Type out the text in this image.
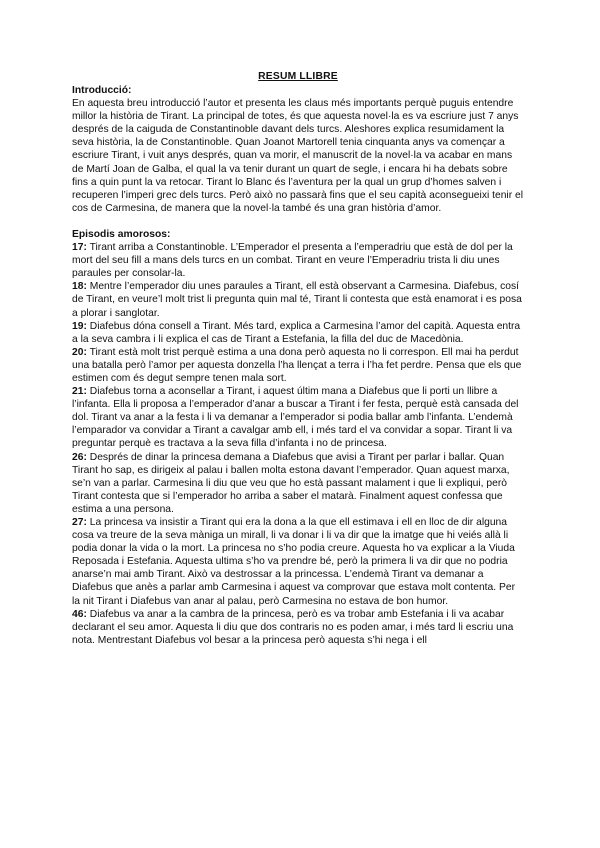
RESUM LLIBRE

Introducció:

En aquesta breu introducció l’autor et presenta les claus més importants perquè puguis entendre millor la història de Tirant. La principal de totes, és que aquesta novel·la es va escriure just 7 anys després de la caiguda de Constantinoble davant dels turcs. Aleshores explica resumidament la seva història, la de Constantinoble. Quan Joanot Martorell tenia cinquanta anys va començar a escriure Tirant, i vuit anys després, quan va morir, el manuscrit de la novel·la va acabar en mans de Martí Joan de Galba, el qual la va tenir durant un quart de segle, i encara hi ha debats sobre fins a quin punt la va retocar. Tirant lo Blanc és l’aventura per la qual un grup d’homes salven i recuperen l’imperi grec dels turcs. Però això no passarà fins que el seu capità aconsegueixi tenir el cos de Carmesina, de manera que la novel·la també és una gran història d’amor.

Episodis amorosos:

17: Tirant arriba a Constantinoble. L’Emperador el presenta a l’emperadriu que està de dol per la mort del seu fill a mans dels turcs en un combat. Tirant en veure l’Emperadriu trista li diu unes paraules per consolar-la.

18: Mentre l’emperador diu unes paraules a Tirant, ell està observant a Carmesina. Diafebus, cosí de Tirant, en veure’l molt trist li pregunta quin mal té, Tirant li contesta que està enamorat i es posa a plorar i sanglotar.

19: Diafebus dóna consell a Tirant. Més tard, explica a Carmesina l’amor del capità. Aquesta entra a la seva cambra i li explica el cas de Tirant a Estefania, la filla del duc de Macedònia.

20: Tirant està molt trist perquè estima a una dona però aquesta no li correspon. Ell mai ha perdut una batalla però l’amor per aquesta donzella l’ha llençat a terra i l’ha fet perdre. Pensa que els que estimen com és degut sempre tenen mala sort.

21: Diafebus torna a aconsellar a Tirant, i aquest últim mana a Diafebus que li porti un llibre a l’infanta. Ella li proposa a l’emperador d’anar a buscar a Tirant i fer festa, perquè està cansada del dol. Tirant va anar a la festa i li va demanar a l’emperador si podia ballar amb l’infanta. L’endemà l’emparador va convidar a Tirant a cavalgar amb ell, i més tard el va convidar a sopar. Tirant li va preguntar perquè es tractava a la seva filla d’infanta i no de princesa.

26: Després de dinar la princesa demana a Diafebus que avisi a Tirant per parlar i ballar. Quan Tirant ho sap, es dirigeix al palau i ballen molta estona davant l’emperador. Quan aquest marxa, se’n van a parlar. Carmesina li diu que veu que ho està passant malament i que li expliqui, però Tirant contesta que si l’emperador ho arriba a saber el matarà. Finalment aquest confessa que estima a una persona.

27: La princesa va insistir a Tirant qui era la dona a la que ell estimava i ell en lloc de dir alguna cosa va treure de la seva màniga un mirall, li va donar i li va dir que la imatge que hi veiés allà li podia donar la vida o la mort. La princesa no s’ho podia creure. Aquesta ho va explicar a la Viuda Reposada i Estefania. Aquesta ultima s’ho va prendre bé, però la primera li va dir que no podria anarse’n mai amb Tirant. Això va destrossar a la princessa. L’endemà Tirant va demanar a Diafebus que anès a parlar amb Carmesina i aquest va comprovar que estava molt contenta. Per la nit Tirant i Diafebus van anar al palau, però Carmesina no estava de bon humor.

46: Diafebus va anar a la cambra de la princesa, però es va trobar amb Estefania i li va acabar declarant el seu amor. Aquesta li diu que dos contraris no es poden amar, i més tard li escriu una nota. Mentrestant Diafebus vol besar a la princesa però aquesta s’hi nega i ell
